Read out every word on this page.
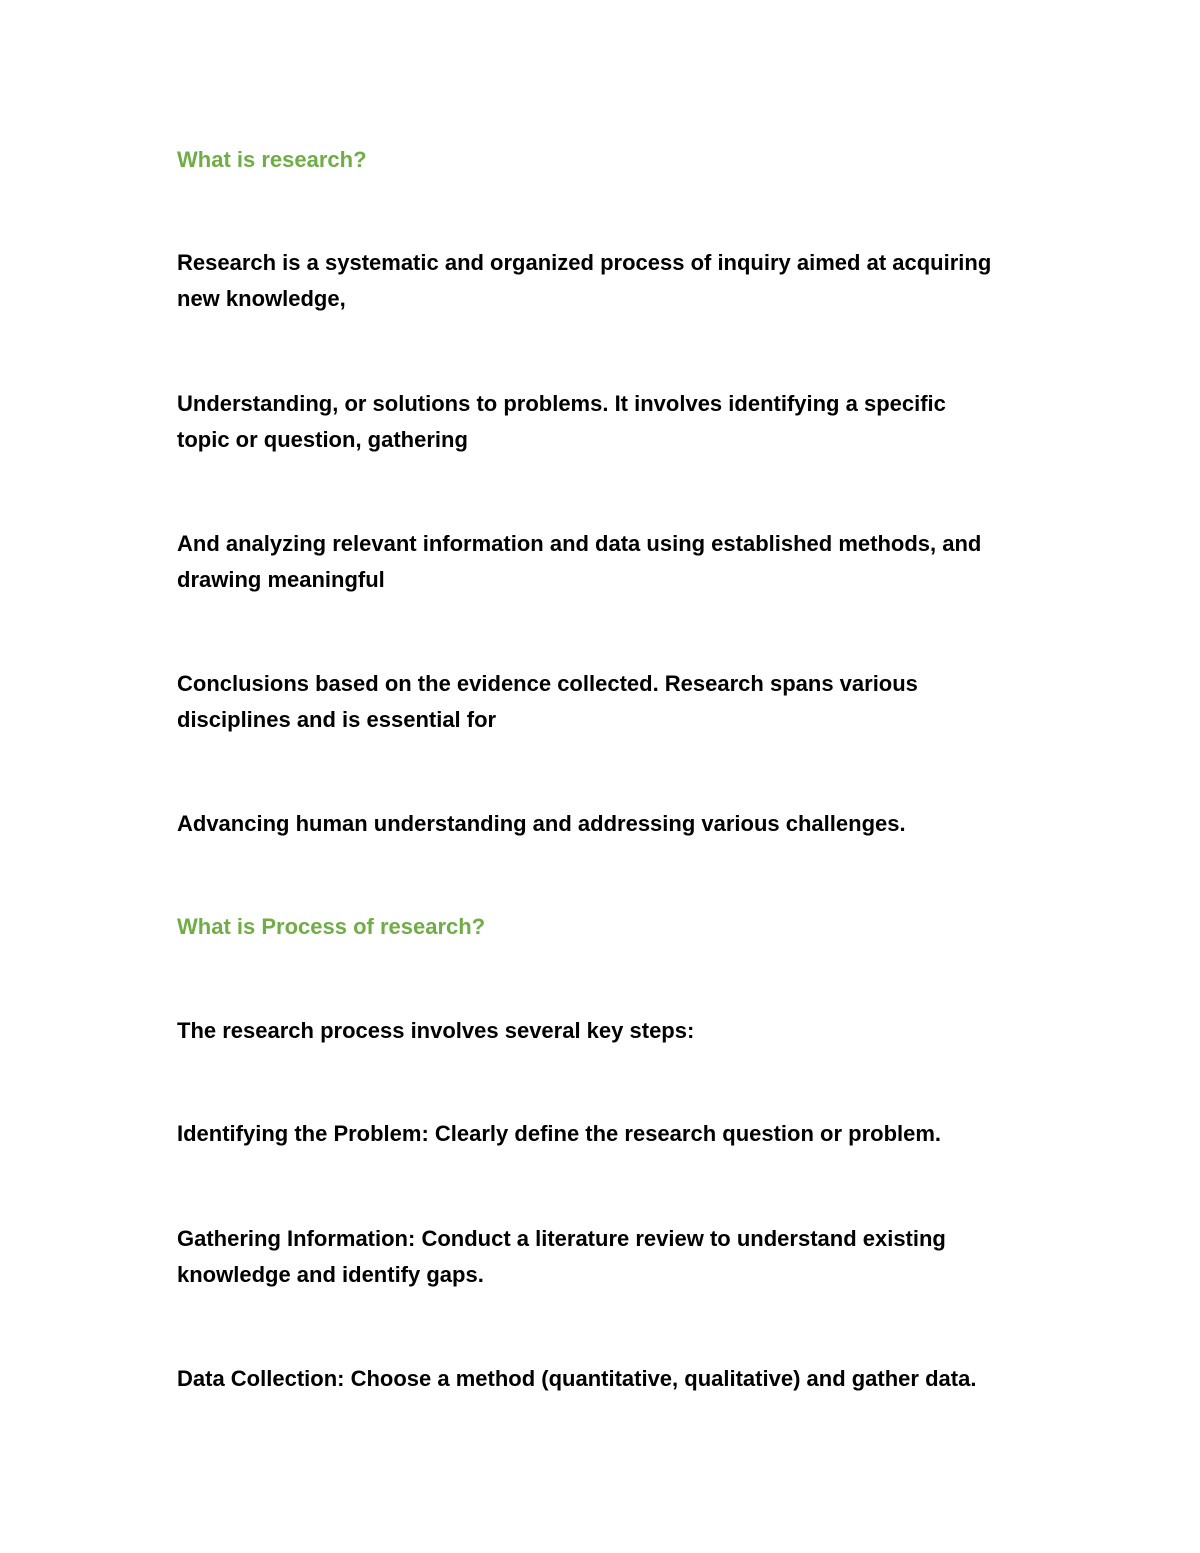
What is research?
Research is a systematic and organized process of inquiry aimed at acquiring
new knowledge,
Understanding, or solutions to problems. It involves identifying a specific
topic or question, gathering
And analyzing relevant information and data using established methods, and
drawing meaningful
Conclusions based on the evidence collected. Research spans various
disciplines and is essential for
Advancing human understanding and addressing various challenges.
What is Process of research?
The research process involves several key steps:
Identifying the Problem: Clearly define the research question or problem.
Gathering Information: Conduct a literature review to understand existing
knowledge and identify gaps.
Data Collection: Choose a method (quantitative, qualitative) and gather data.
